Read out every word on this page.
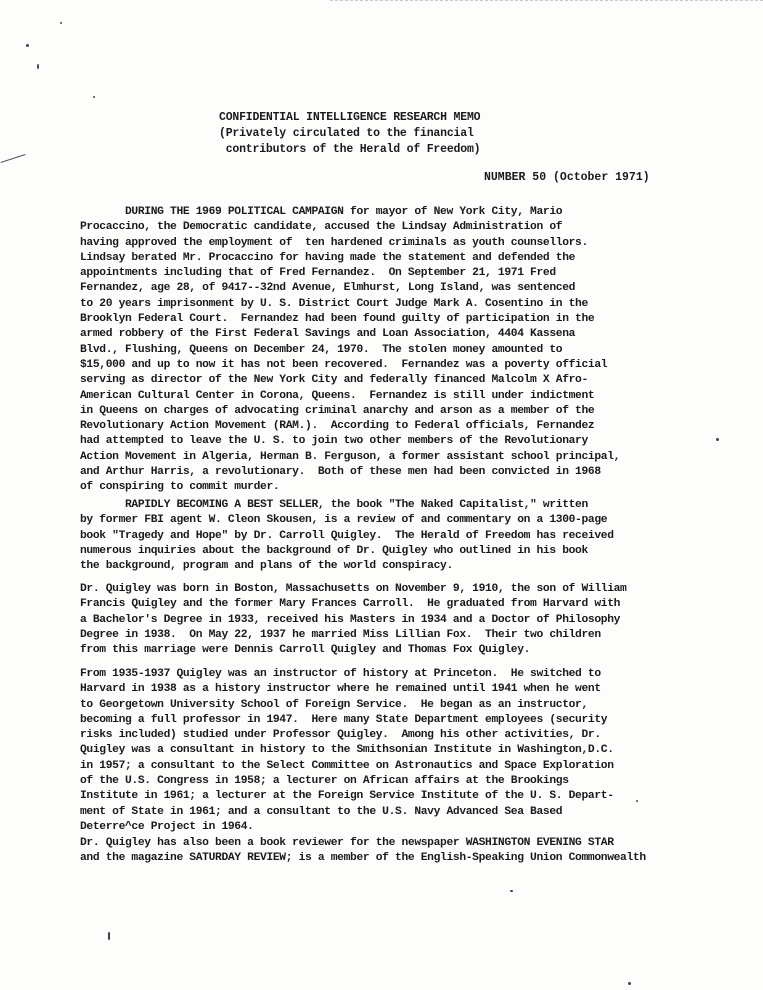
CONFIDENTIAL INTELLIGENCE RESEARCH MEMO
(Privately circulated to the financial
contributors of the Herald of Freedom)
NUMBER 50 (October 1971)
DURING THE 1969 POLITICAL CAMPAIGN for mayor of New York City, Mario
Procaccino, the Democratic candidate, accused the Lindsay Administration of
having approved the employment of  ten hardened criminals as youth counsellors.
Lindsay berated Mr. Procaccino for having made the statement and defended the
appointments including that of Fred Fernandez.  On September 21, 1971 Fred
Fernandez, age 28, of 9417--32nd Avenue, Elmhurst, Long Island, was sentenced
to 20 years imprisonment by U. S. District Court Judge Mark A. Cosentino in the
Brooklyn Federal Court.  Fernandez had been found guilty of participation in the
armed robbery of the First Federal Savings and Loan Association, 4404 Kassena
Blvd., Flushing, Queens on December 24, 1970.  The stolen money amounted to
$15,000 and up to now it has not been recovered.  Fernandez was a poverty official
serving as director of the New York City and federally financed Malcolm X Afro-
American Cultural Center in Corona, Queens.  Fernandez is still under indictment
in Queens on charges of advocating criminal anarchy and arson as a member of the
Revolutionary Action Movement (RAM.).  According to Federal officials, Fernandez
had attempted to leave the U. S. to join two other members of the Revolutionary
Action Movement in Algeria, Herman B. Ferguson, a former assistant school principal,
and Arthur Harris, a revolutionary.  Both of these men had been convicted in 1968
of conspiring to commit murder.
RAPIDLY BECOMING A BEST SELLER, the book "The Naked Capitalist," written
by former FBI agent W. Cleon Skousen, is a review of and commentary on a 1300-page
book "Tragedy and Hope" by Dr. Carroll Quigley.  The Herald of Freedom has received
numerous inquiries about the background of Dr. Quigley who outlined in his book
the background, program and plans of the world conspiracy.
Dr. Quigley was born in Boston, Massachusetts on November 9, 1910, the son of William
Francis Quigley and the former Mary Frances Carroll.  He graduated from Harvard with
a Bachelor's Degree in 1933, received his Masters in 1934 and a Doctor of Philosophy
Degree in 1938.  On May 22, 1937 he married Miss Lillian Fox.  Their two children
from this marriage were Dennis Carroll Quigley and Thomas Fox Quigley.
From 1935-1937 Quigley was an instructor of history at Princeton.  He switched to
Harvard in 1938 as a history instructor where he remained until 1941 when he went
to Georgetown University School of Foreign Service.  He began as an instructor,
becoming a full professor in 1947.  Here many State Department employees (security
risks included) studied under Professor Quigley.  Among his other activities, Dr.
Quigley was a consultant in history to the Smithsonian Institute in Washington,D.C.
in 1957; a consultant to the Select Committee on Astronautics and Space Exploration
of the U.S. Congress in 1958; a lecturer on African affairs at the Brookings
Institute in 1961; a lecturer at the Foreign Service Institute of the U. S. Depart-
ment of State in 1961; and a consultant to the U.S. Navy Advanced Sea Based
Deterre^ce Project in 1964.
Dr. Quigley has also been a book reviewer for the newspaper WASHINGTON EVENING STAR
and the magazine SATURDAY REVIEW; is a member of the English-Speaking Union Commonwealth
